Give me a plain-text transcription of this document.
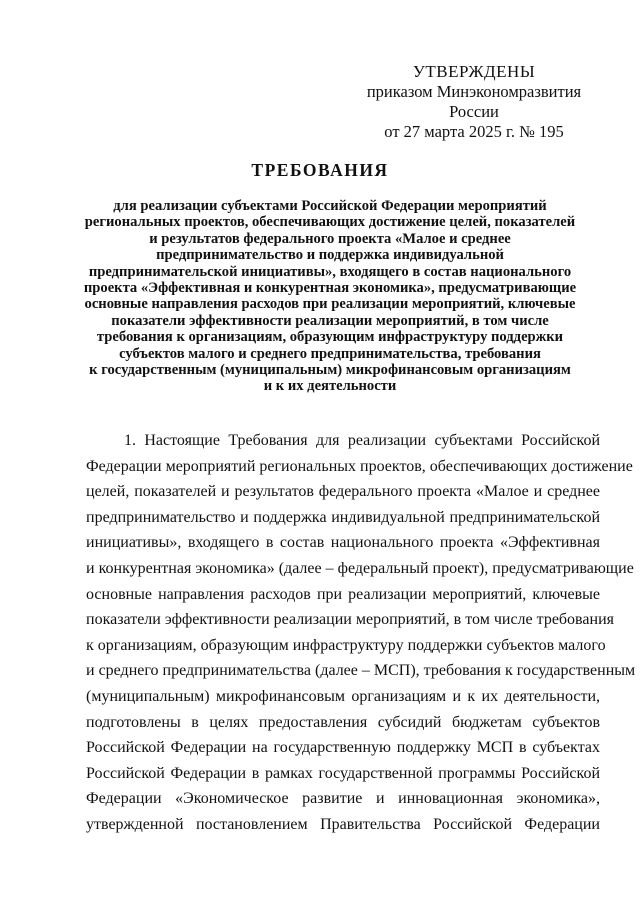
УТВЕРЖДЕНЫ
приказом Минэкономразвития России
от 27 марта 2025 г. № 195
ТРЕБОВАНИЯ
для реализации субъектами Российской Федерации мероприятий
региональных проектов, обеспечивающих достижение целей, показателей
и результатов федерального проекта «Малое и среднее
предпринимательство и поддержка индивидуальной
предпринимательской инициативы», входящего в состав национального
проекта «Эффективная и конкурентная экономика», предусматривающие
основные направления расходов при реализации мероприятий, ключевые
показатели эффективности реализации мероприятий, в том числе
требования к организациям, образующим инфраструктуру поддержки
субъектов малого и среднего предпринимательства, требования
к государственным (муниципальным) микрофинансовым организациям
и к их деятельности
1. Настоящие Требования для реализации субъектами Российской
Федерации мероприятий региональных проектов, обеспечивающих достижение
целей, показателей и результатов федерального проекта «Малое и среднее
предпринимательство и поддержка индивидуальной предпринимательской
инициативы», входящего в состав национального проекта «Эффективная
и конкурентная экономика» (далее – федеральный проект), предусматривающие
основные направления расходов при реализации мероприятий, ключевые
показатели эффективности реализации мероприятий, в том числе требования
к организациям, образующим инфраструктуру поддержки субъектов малого
и среднего предпринимательства (далее – МСП), требования к государственным
(муниципальным) микрофинансовым организациям и к их деятельности,
подготовлены в целях предоставления субсидий бюджетам субъектов
Российской Федерации на государственную поддержку МСП в субъектах
Российской Федерации в рамках государственной программы Российской
Федерации «Экономическое развитие и инновационная экономика»,
утвержденной постановлением Правительства Российской Федерации
